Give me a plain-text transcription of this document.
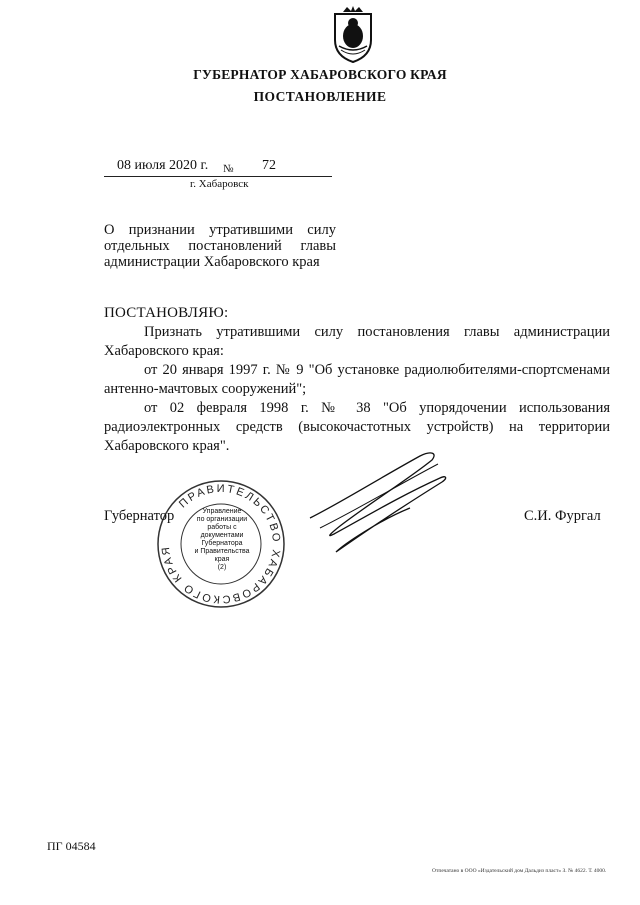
ГУБЕРНАТОР ХАБАРОВСКОГО КРАЯ
ПОСТАНОВЛЕНИЕ
08 июля 2020 г. № 72
г. Хабаровск
О признании утратившими силу
отдельных постановлений главы
администрации Хабаровского края
ПОСТАНОВЛЯЮ:

Признать утратившими силу постановления главы администрации Хабаровского края:

от 20 января 1997 г. № 9 "Об установке радиолюбителями-спортсменами антенно-мачтовых сооружений";

от 02 февраля 1998 г. № 38 "Об упорядочении использования радиоэлектронных средств (высокочастотных устройств) на территории Хабаровского края".

ПРАВИТЕЛЬСТВО ХАБАРОВСКОГО КРАЯ
Управление
по организации
работы с документами
Губернатора
и Правительства
края
(2)
Губернатор	С.И. Фургал
ПГ 04584
Отпечатано в ООО «Издательский дом Дальдиз пласт» З. № 4622. Т. 4000.
